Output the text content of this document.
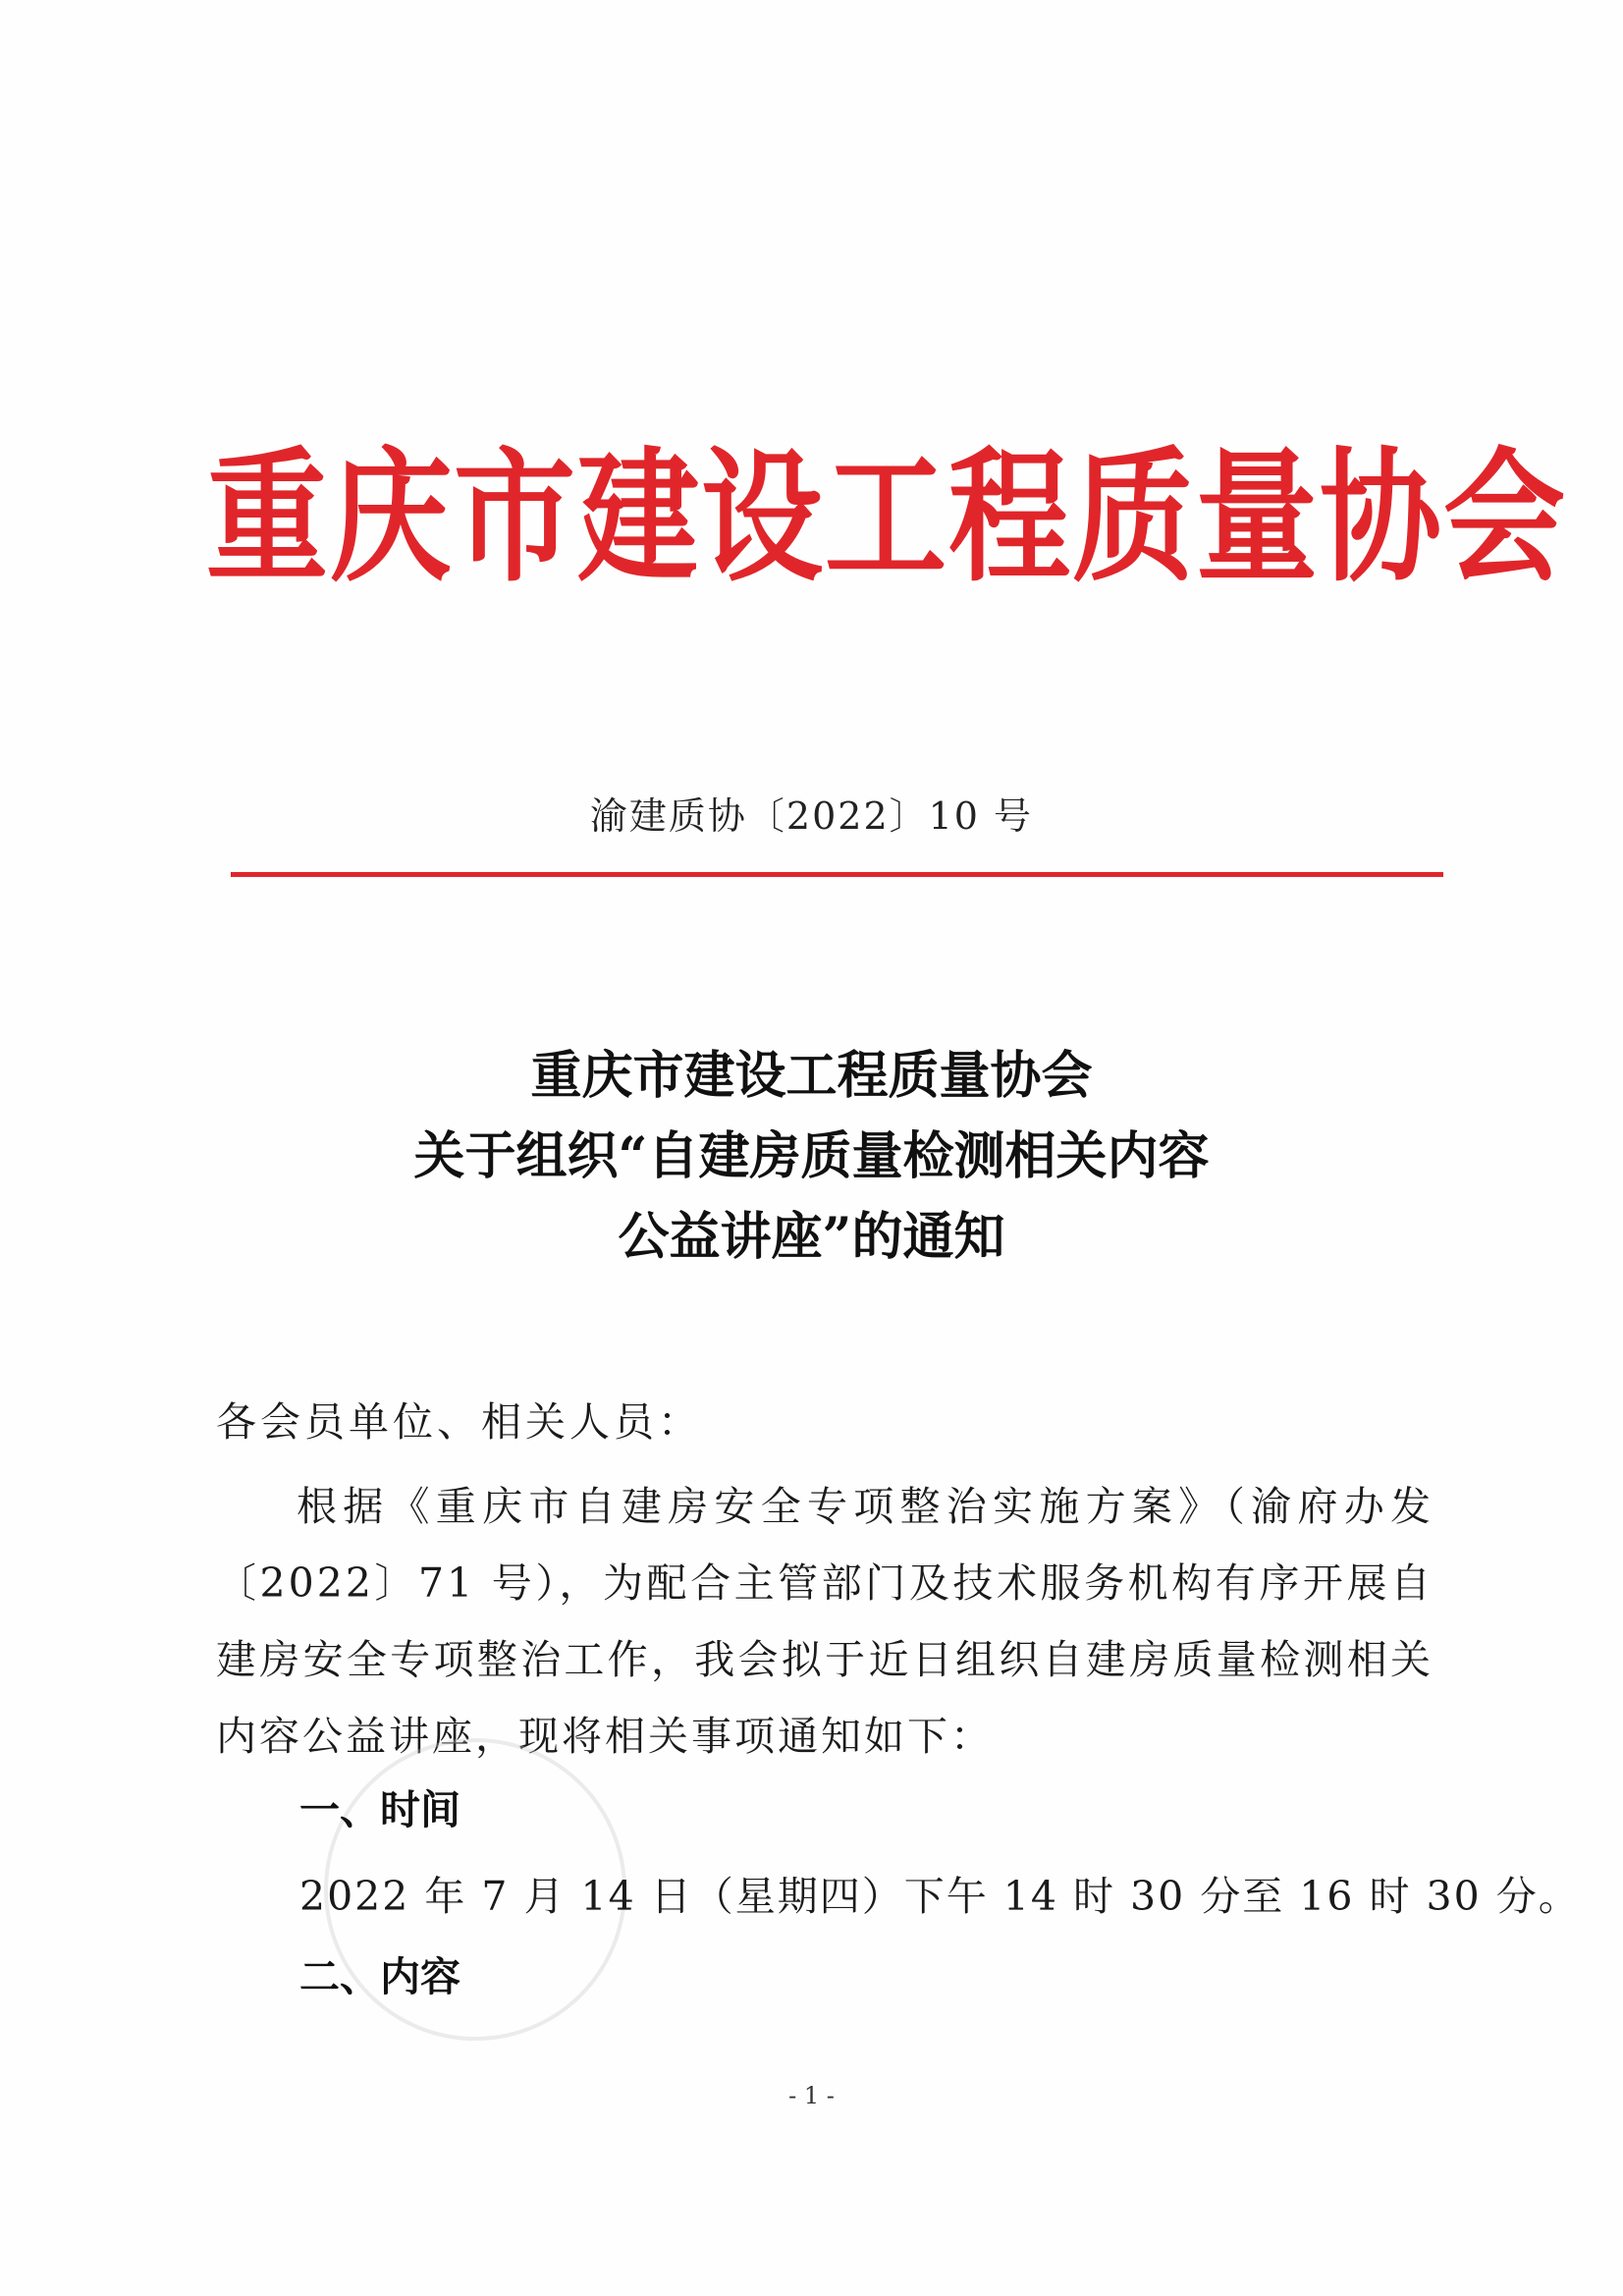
重庆市建设工程质量协会
渝建质协〔2022〕10 号
重庆市建设工程质量协会
关于组织“自建房质量检测相关内容
公益讲座”的通知
各会员单位、相关人员：
根据《重庆市自建房安全专项整治实施方案》（渝府办发〔2022〕71 号），为配合主管部门及技术服务机构有序开展自建房安全专项整治工作，我会拟于近日组织自建房质量检测相关内容公益讲座，现将相关事项通知如下：
一、时间
2022 年 7 月 14 日（星期四）下午 14 时 30 分至 16 时 30 分。
二、内容
- 1 -
